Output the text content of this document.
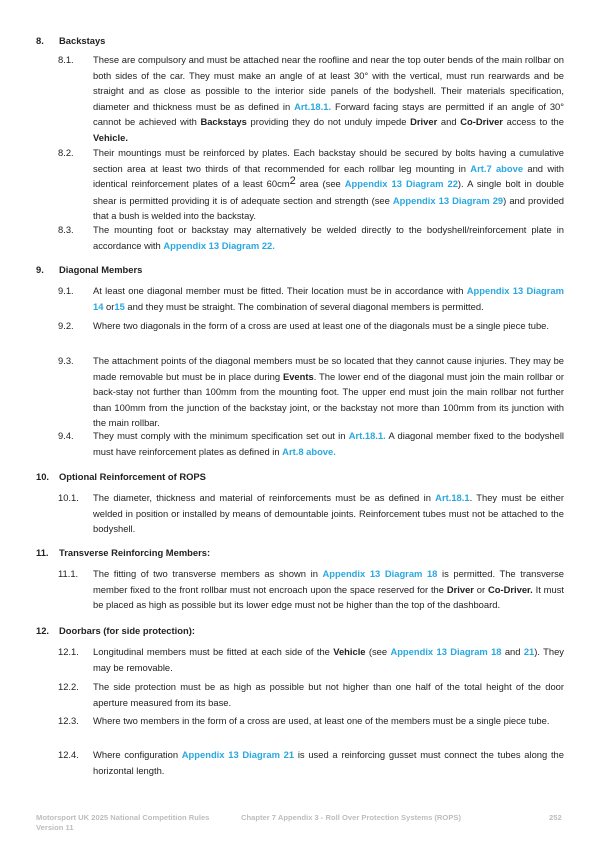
8.	Backstays
8.1.	These are compulsory and must be attached near the roofline and near the top outer bends of the main rollbar on both sides of the car. They must make an angle of at least 30° with the vertical, must run rearwards and be straight and as close as possible to the interior side panels of the bodyshell. Their materials specification, diameter and thickness must be as defined in Art.18.1. Forward facing stays are permitted if an angle of 30° cannot be achieved with Backstays providing they do not unduly impede Driver and Co-Driver access to the Vehicle.
8.2.	Their mountings must be reinforced by plates. Each backstay should be secured by bolts having a cumulative section area at least two thirds of that recommended for each rollbar leg mounting in Art.7 above and with identical reinforcement plates of a least $60cm^2$ area (see Appendix 13 Diagram 22). A single bolt in double shear is permitted providing it is of adequate section and strength (see Appendix 13 Diagram 29) and provided that a bush is welded into the backstay.
8.3.	The mounting foot or backstay may alternatively be welded directly to the bodyshell/reinforcement plate in accordance with Appendix 13 Diagram 22.
9.	Diagonal Members
9.1.	At least one diagonal member must be fitted. Their location must be in accordance with Appendix 13 Diagram 14 or15 and they must be straight. The combination of several diagonal members is permitted.
9.2.	Where two diagonals in the form of a cross are used at least one of the diagonals must be a single piece tube.
9.3.	The attachment points of the diagonal members must be so located that they cannot cause injuries. They may be made removable but must be in place during Events. The lower end of the diagonal must join the main rollbar or back-stay not further than 100mm from the mounting foot. The upper end must join the main rollbar not further than 100mm from the junction of the backstay joint, or the backstay not more than 100mm from its junction with the main rollbar.
9.4.	They must comply with the minimum specification set out in Art.18.1. A diagonal member fixed to the bodyshell must have reinforcement plates as defined in Art.8 above.
10.	Optional Reinforcement of ROPS
10.1.	The diameter, thickness and material of reinforcements must be as defined in Art.18.1. They must be either welded in position or installed by means of demountable joints. Reinforcement tubes must not be attached to the bodyshell.
11.	Transverse Reinforcing Members:
11.1.	The fitting of two transverse members as shown in Appendix 13 Diagram 18 is permitted. The transverse member fixed to the front rollbar must not encroach upon the space reserved for the Driver or Co-Driver. It must be placed as high as possible but its lower edge must not be higher than the top of the dashboard.
12.	Doorbars (for side protection):
12.1.	Longitudinal members must be fitted at each side of the Vehicle (see Appendix 13 Diagram 18 and 21). They may be removable.
12.2.	The side protection must be as high as possible but not higher than one half of the total height of the door aperture measured from its base.
12.3.	Where two members in the form of a cross are used, at least one of the members must be a single piece tube.
12.4.	Where configuration Appendix 13 Diagram 21 is used a reinforcing gusset must connect the tubes along the horizontal length.
Motorsport UK 2025 National Competition Rules
Version 11
Chapter 7 Appendix 3 - Roll Over Protection Systems (ROPS)	252
